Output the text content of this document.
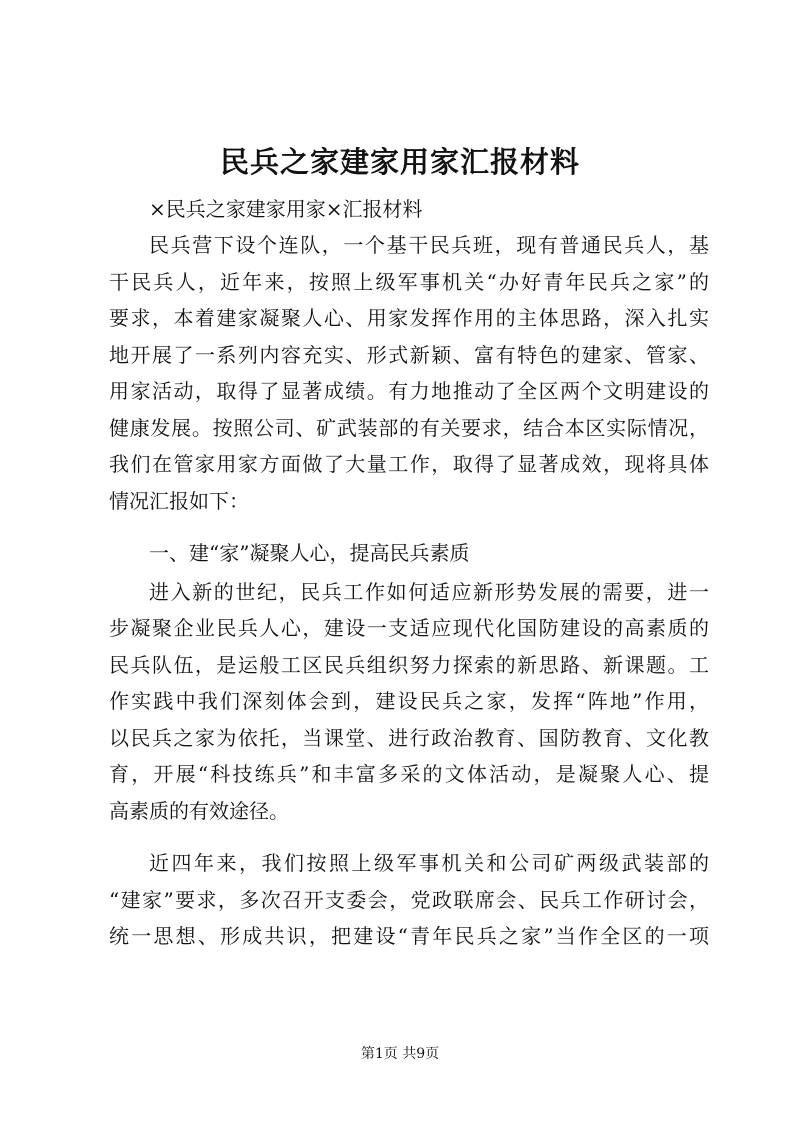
民兵之家建家用家汇报材料
×民兵之家建家用家×汇报材料
民兵营下设个连队，一个基干民兵班，现有普通民兵人，基
干民兵人，近年来，按照上级军事机关“办好青年民兵之家”的
要求，本着建家凝聚人心、用家发挥作用的主体思路，深入扎实
地开展了一系列内容充实、形式新颖、富有特色的建家、管家、
用家活动，取得了显著成绩。有力地推动了全区两个文明建设的
健康发展。按照公司、矿武装部的有关要求，结合本区实际情况，
我们在管家用家方面做了大量工作，取得了显著成效，现将具体
情况汇报如下：
一、建“家”凝聚人心，提高民兵素质
进入新的世纪，民兵工作如何适应新形势发展的需要，进一
步凝聚企业民兵人心，建设一支适应现代化国防建设的高素质的
民兵队伍，是运般工区民兵组织努力探索的新思路、新课题。工
作实践中我们深刻体会到，建设民兵之家，发挥“阵地”作用，
以民兵之家为依托，当课堂、进行政治教育、国防教育、文化教
育，开展“科技练兵”和丰富多采的文体活动，是凝聚人心、提
高素质的有效途径。
近四年来，我们按照上级军事机关和公司矿两级武装部的
“建家”要求，多次召开支委会，党政联席会、民兵工作研讨会，
统一思想、形成共识，把建设“青年民兵之家”当作全区的一项
第1页 共9页
